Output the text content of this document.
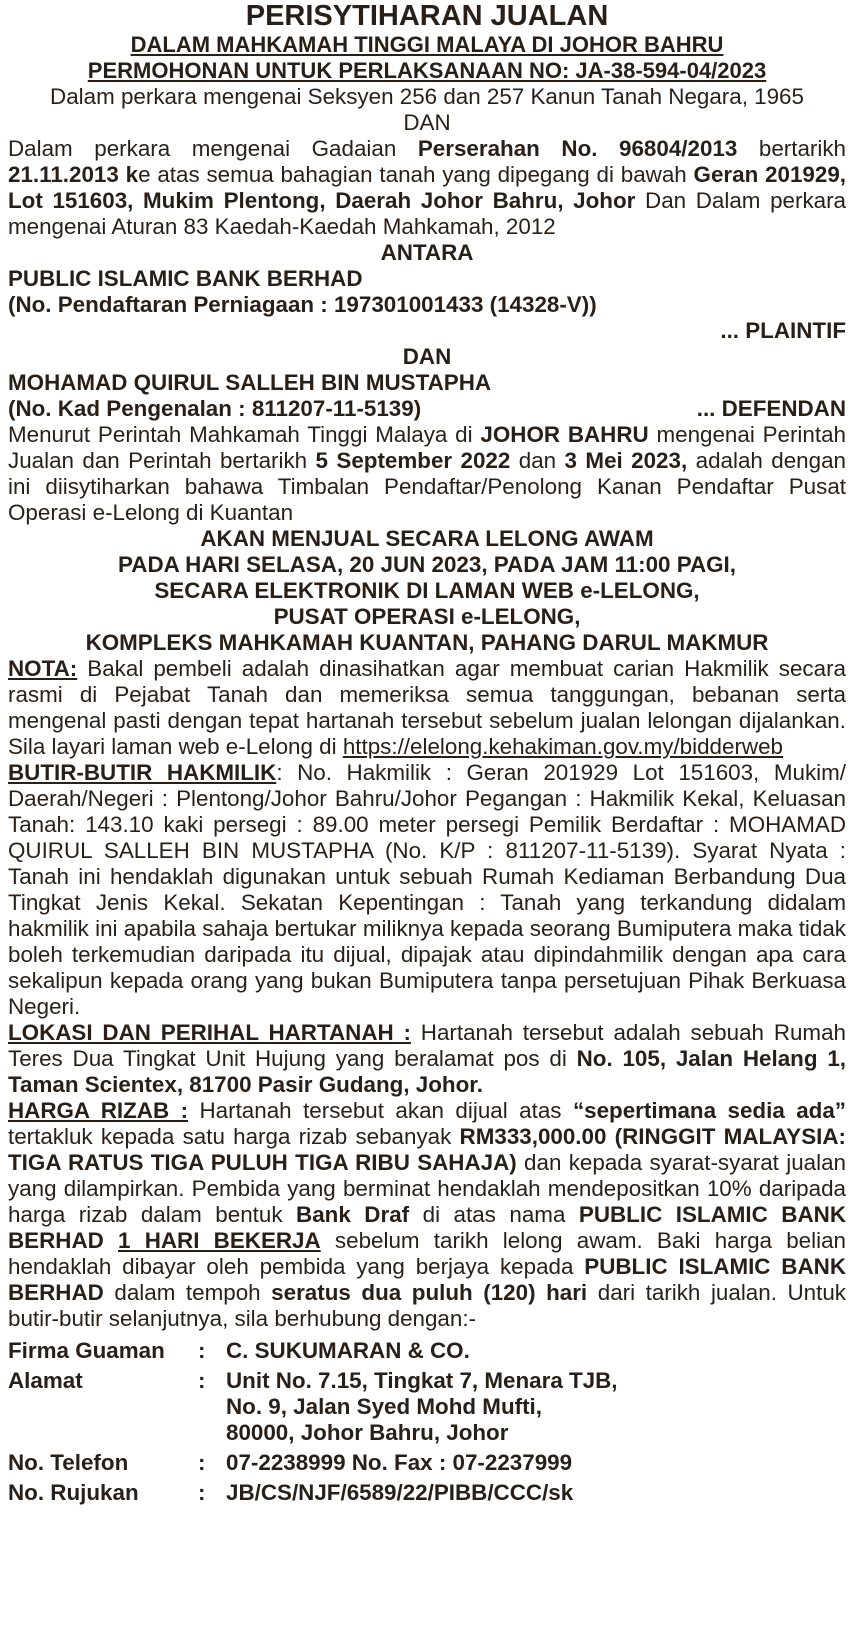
PERISYTIHARAN JUALAN
DALAM MAHKAMAH TINGGI MALAYA DI JOHOR BAHRU
PERMOHONAN UNTUK PERLAKSANAAN NO: JA-38-594-04/2023

Dalam perkara mengenai Seksyen 256 dan 257 Kanun Tanah Negara, 1965

DAN

Dalam perkara mengenai Gadaian Perserahan No. 96804/2013 bertarikh 21.11.2013 ke atas semua bahagian tanah yang dipegang di bawah Geran 201929, Lot 151603, Mukim Plentong, Daerah Johor Bahru, Johor Dan Dalam perkara mengenai Aturan 83 Kaedah-Kaedah Mahkamah, 2012

ANTARA

PUBLIC ISLAMIC BANK BERHAD

(No. Pendaftaran Perniagaan : 197301001433 (14328-V))

... PLAINTIF

DAN

MOHAMAD QUIRUL SALLEH BIN MUSTAPHA

(No. Kad Pengenalan : 811207-11-5139)	... DEFENDAN

Menurut Perintah Mahkamah Tinggi Malaya di JOHOR BAHRU mengenai Perintah Jualan dan Perintah bertarikh 5 September 2022 dan 3 Mei 2023, adalah dengan ini diisytiharkan bahawa Timbalan Pendaftar/Penolong Kanan Pendaftar Pusat Operasi e-Lelong di Kuantan

AKAN MENJUAL SECARA LELONG AWAM
PADA HARI SELASA, 20 JUN 2023, PADA JAM 11:00 PAGI,
SECARA ELEKTRONIK DI LAMAN WEB e-LELONG,
PUSAT OPERASI e-LELONG,
KOMPLEKS MAHKAMAH KUANTAN, PAHANG DARUL MAKMUR

NOTA: Bakal pembeli adalah dinasihatkan agar membuat carian Hakmilik secara rasmi di Pejabat Tanah dan memeriksa semua tanggungan, bebanan serta mengenal pasti dengan tepat hartanah tersebut sebelum jualan lelongan dijalankan. Sila layari laman web e-Lelong di https://elelong.kehakiman.gov.my/bidderweb

BUTIR-BUTIR HAKMILIK: No. Hakmilik : Geran 201929 Lot 151603, Mukim/ Daerah/Negeri : Plentong/Johor Bahru/Johor Pegangan : Hakmilik Kekal, Keluasan Tanah: 143.10 kaki persegi : 89.00 meter persegi Pemilik Berdaftar : MOHAMAD QUIRUL SALLEH BIN MUSTAPHA (No. K/P : 811207-11-5139). Syarat Nyata : Tanah ini hendaklah digunakan untuk sebuah Rumah Kediaman Berbandung Dua Tingkat Jenis Kekal. Sekatan Kepentingan : Tanah yang terkandung didalam hakmilik ini apabila sahaja bertukar miliknya kepada seorang Bumiputera maka tidak boleh terkemudian daripada itu dijual, dipajak atau dipindahmilik dengan apa cara sekalipun kepada orang yang bukan Bumiputera tanpa persetujuan Pihak Berkuasa Negeri.

LOKASI DAN PERIHAL HARTANAH : Hartanah tersebut adalah sebuah Rumah Teres Dua Tingkat Unit Hujung yang beralamat pos di No. 105, Jalan Helang 1, Taman Scientex, 81700 Pasir Gudang, Johor.

HARGA RIZAB : Hartanah tersebut akan dijual atas “sepertimana sedia ada” tertakluk kepada satu harga rizab sebanyak RM333,000.00 (RINGGIT MALAYSIA: TIGA RATUS TIGA PULUH TIGA RIBU SAHAJA) dan kepada syarat-syarat jualan yang dilampirkan. Pembida yang berminat hendaklah mendepositkan 10% daripada harga rizab dalam bentuk Bank Draf di atas nama PUBLIC ISLAMIC BANK BERHAD 1 HARI BEKERJA sebelum tarikh lelong awam. Baki harga belian hendaklah dibayar oleh pembida yang berjaya kepada PUBLIC ISLAMIC BANK BERHAD dalam tempoh seratus dua puluh (120) hari dari tarikh jualan. Untuk butir-butir selanjutnya, sila berhubung dengan:-

Firma Guaman	:	C. SUKUMARAN & CO.
Alamat	:	Unit No. 7.15, Tingkat 7, Menara TJB,
No. 9, Jalan Syed Mohd Mufti,
80000, Johor Bahru, Johor

No. Telefon	:	07-2238999 No. Fax : 07-2237999
No. Rujukan	:	JB/CS/NJF/6589/22/PIBB/CCC/sk
